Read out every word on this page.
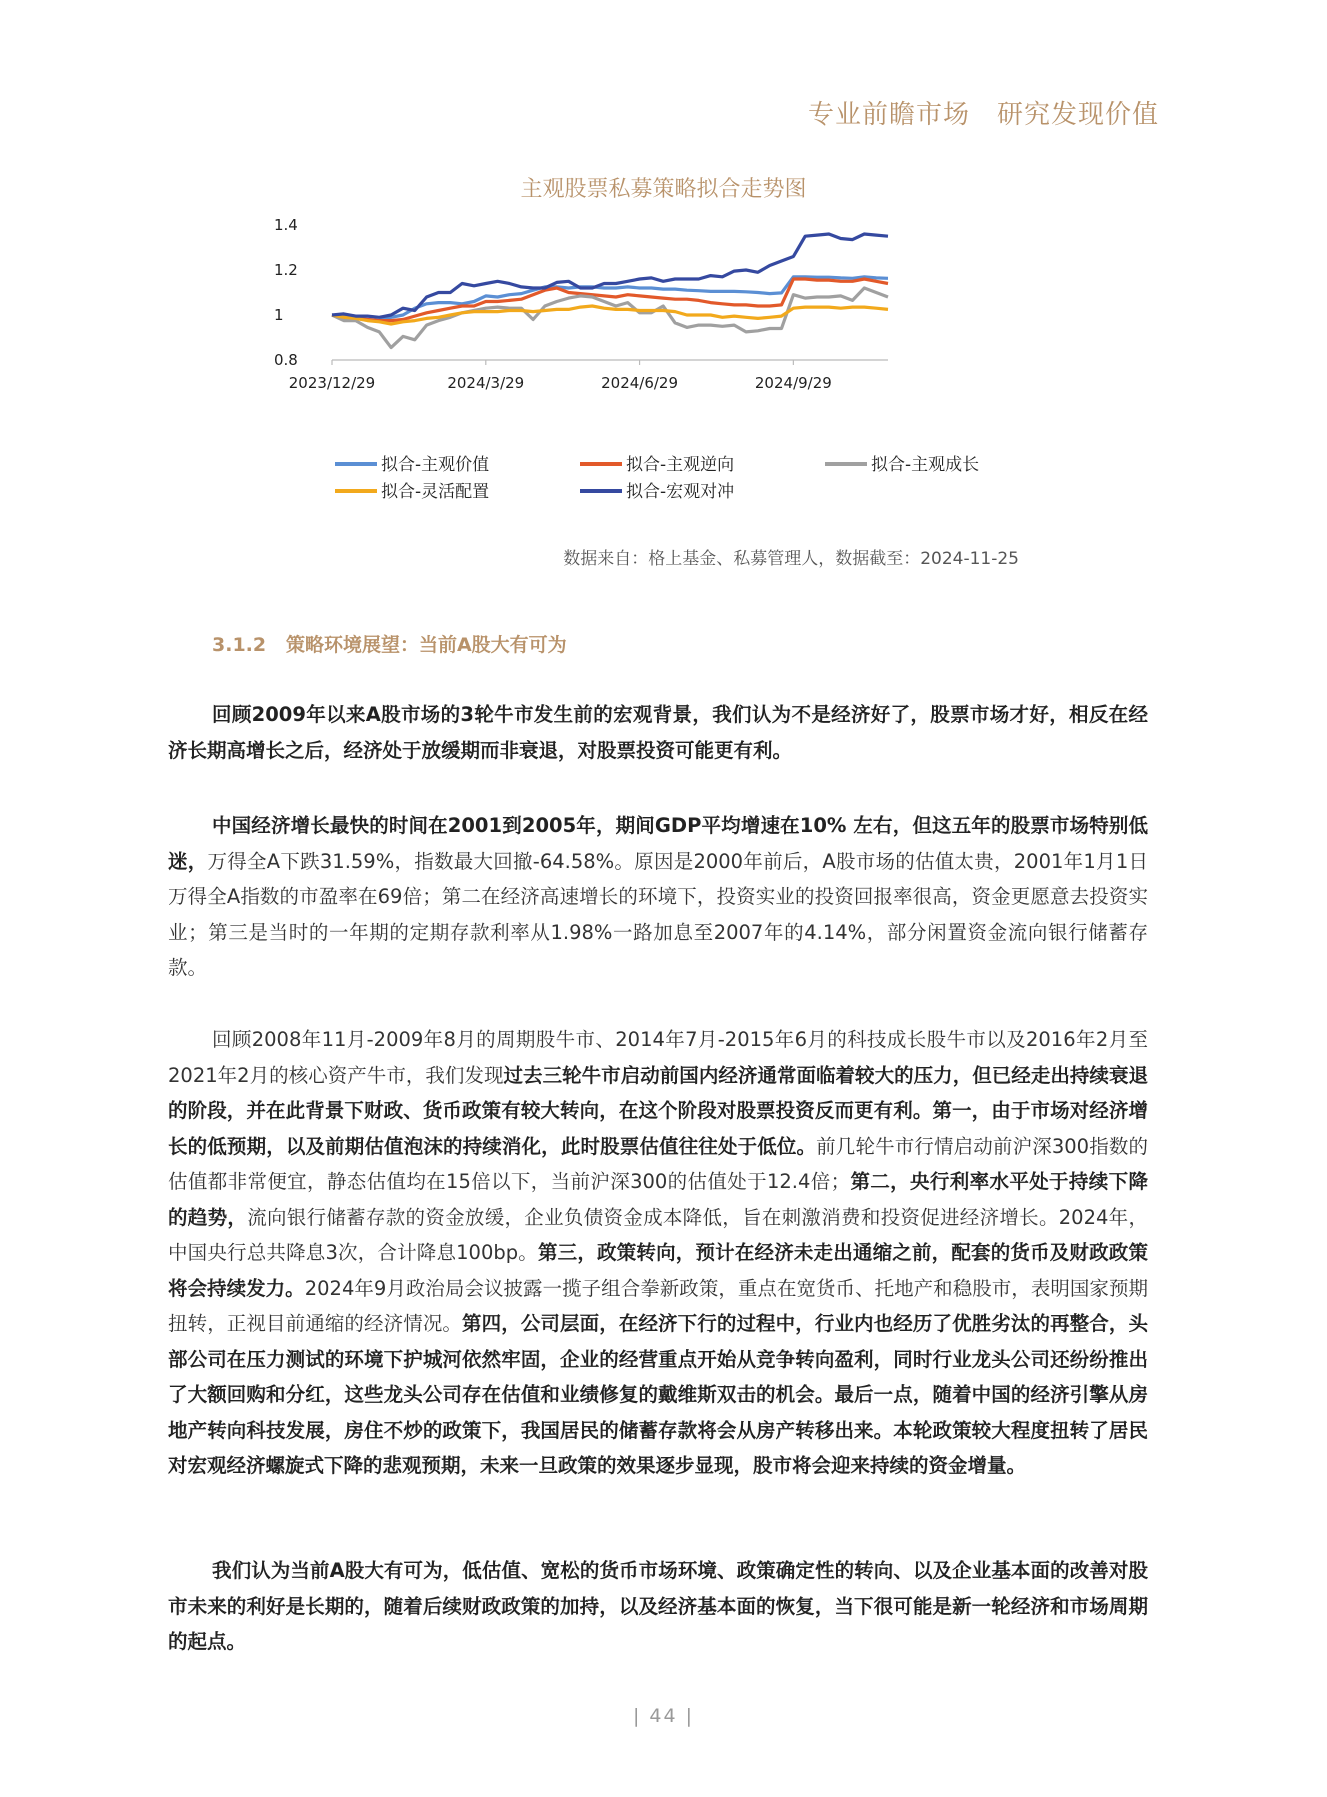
专业前瞻市场　研究发现价值
主观股票私募策略拟合走势图
2023/12/29	2024/3/29	2024/6/29	2024/9/29
1.4
1.2
1
0.8
拟合-主观价值	拟合-主观逆向	拟合-主观成长
拟合-灵活配置	拟合-宏观对冲
数据来自：格上基金、私募管理人，数据截至：2024-11-25
3.1.2 策略环境展望：当前A股大有可为

回顾2009年以来A股市场的3轮牛市发生前的宏观背景，我们认为不是经济好了，股票市场才好，相反在经济长期高增长之后，经济处于放缓期而非衰退，对股票投资可能更有利。

中国经济增长最快的时间在2001到2005年，期间GDP平均增速在10% 左右，但这五年的股票市场特别低迷，万得全A下跌31.59%，指数最大回撤-64.58%。原因是2000年前后，A股市场的估值太贵，2001年1月1日万得全A指数的市盈率在69倍；第二在经济高速增长的环境下，投资实业的投资回报率很高，资金更愿意去投资实业；第三是当时的一年期的定期存款利率从1.98%一路加息至2007年的4.14%，部分闲置资金流向银行储蓄存款。

回顾2008年11月-2009年8月的周期股牛市、2014年7月-2015年6月的科技成长股牛市以及2016年2月至2021年2月的核心资产牛市，我们发现过去三轮牛市启动前国内经济通常面临着较大的压力，但已经走出持续衰退的阶段，并在此背景下财政、货币政策有较大转向，在这个阶段对股票投资反而更有利。第一，由于市场对经济增长的低预期，以及前期估值泡沫的持续消化，此时股票估值往往处于低位。前几轮牛市行情启动前沪深300指数的估值都非常便宜，静态估值均在15倍以下，当前沪深300的估值处于12.4倍；第二，央行利率水平处于持续下降的趋势，流向银行储蓄存款的资金放缓，企业负债资金成本降低，旨在刺激消费和投资促进经济增长。2024年，中国央行总共降息3次，合计降息100bp。第三，政策转向，预计在经济未走出通缩之前，配套的货币及财政政策将会持续发力。2024年9月政治局会议披露一揽子组合拳新政策，重点在宽货币、托地产和稳股市，表明国家预期扭转，正视目前通缩的经济情况。第四，公司层面，在经济下行的过程中，行业内也经历了优胜劣汰的再整合，头部公司在压力测试的环境下护城河依然牢固，企业的经营重点开始从竞争转向盈利，同时行业龙头公司还纷纷推出了大额回购和分红，这些龙头公司存在估值和业绩修复的戴维斯双击的机会。最后一点，随着中国的经济引擎从房地产转向科技发展，房住不炒的政策下，我国居民的储蓄存款将会从房产转移出来。本轮政策较大程度扭转了居民对宏观经济螺旋式下降的悲观预期，未来一旦政策的效果逐步显现，股市将会迎来持续的资金增量。

我们认为当前A股大有可为，低估值、宽松的货币市场环境、政策确定性的转向、以及企业基本面的改善对股市未来的利好是长期的，随着后续财政政策的加持，以及经济基本面的恢复，当下很可能是新一轮经济和市场周期的起点。

| 44 |
